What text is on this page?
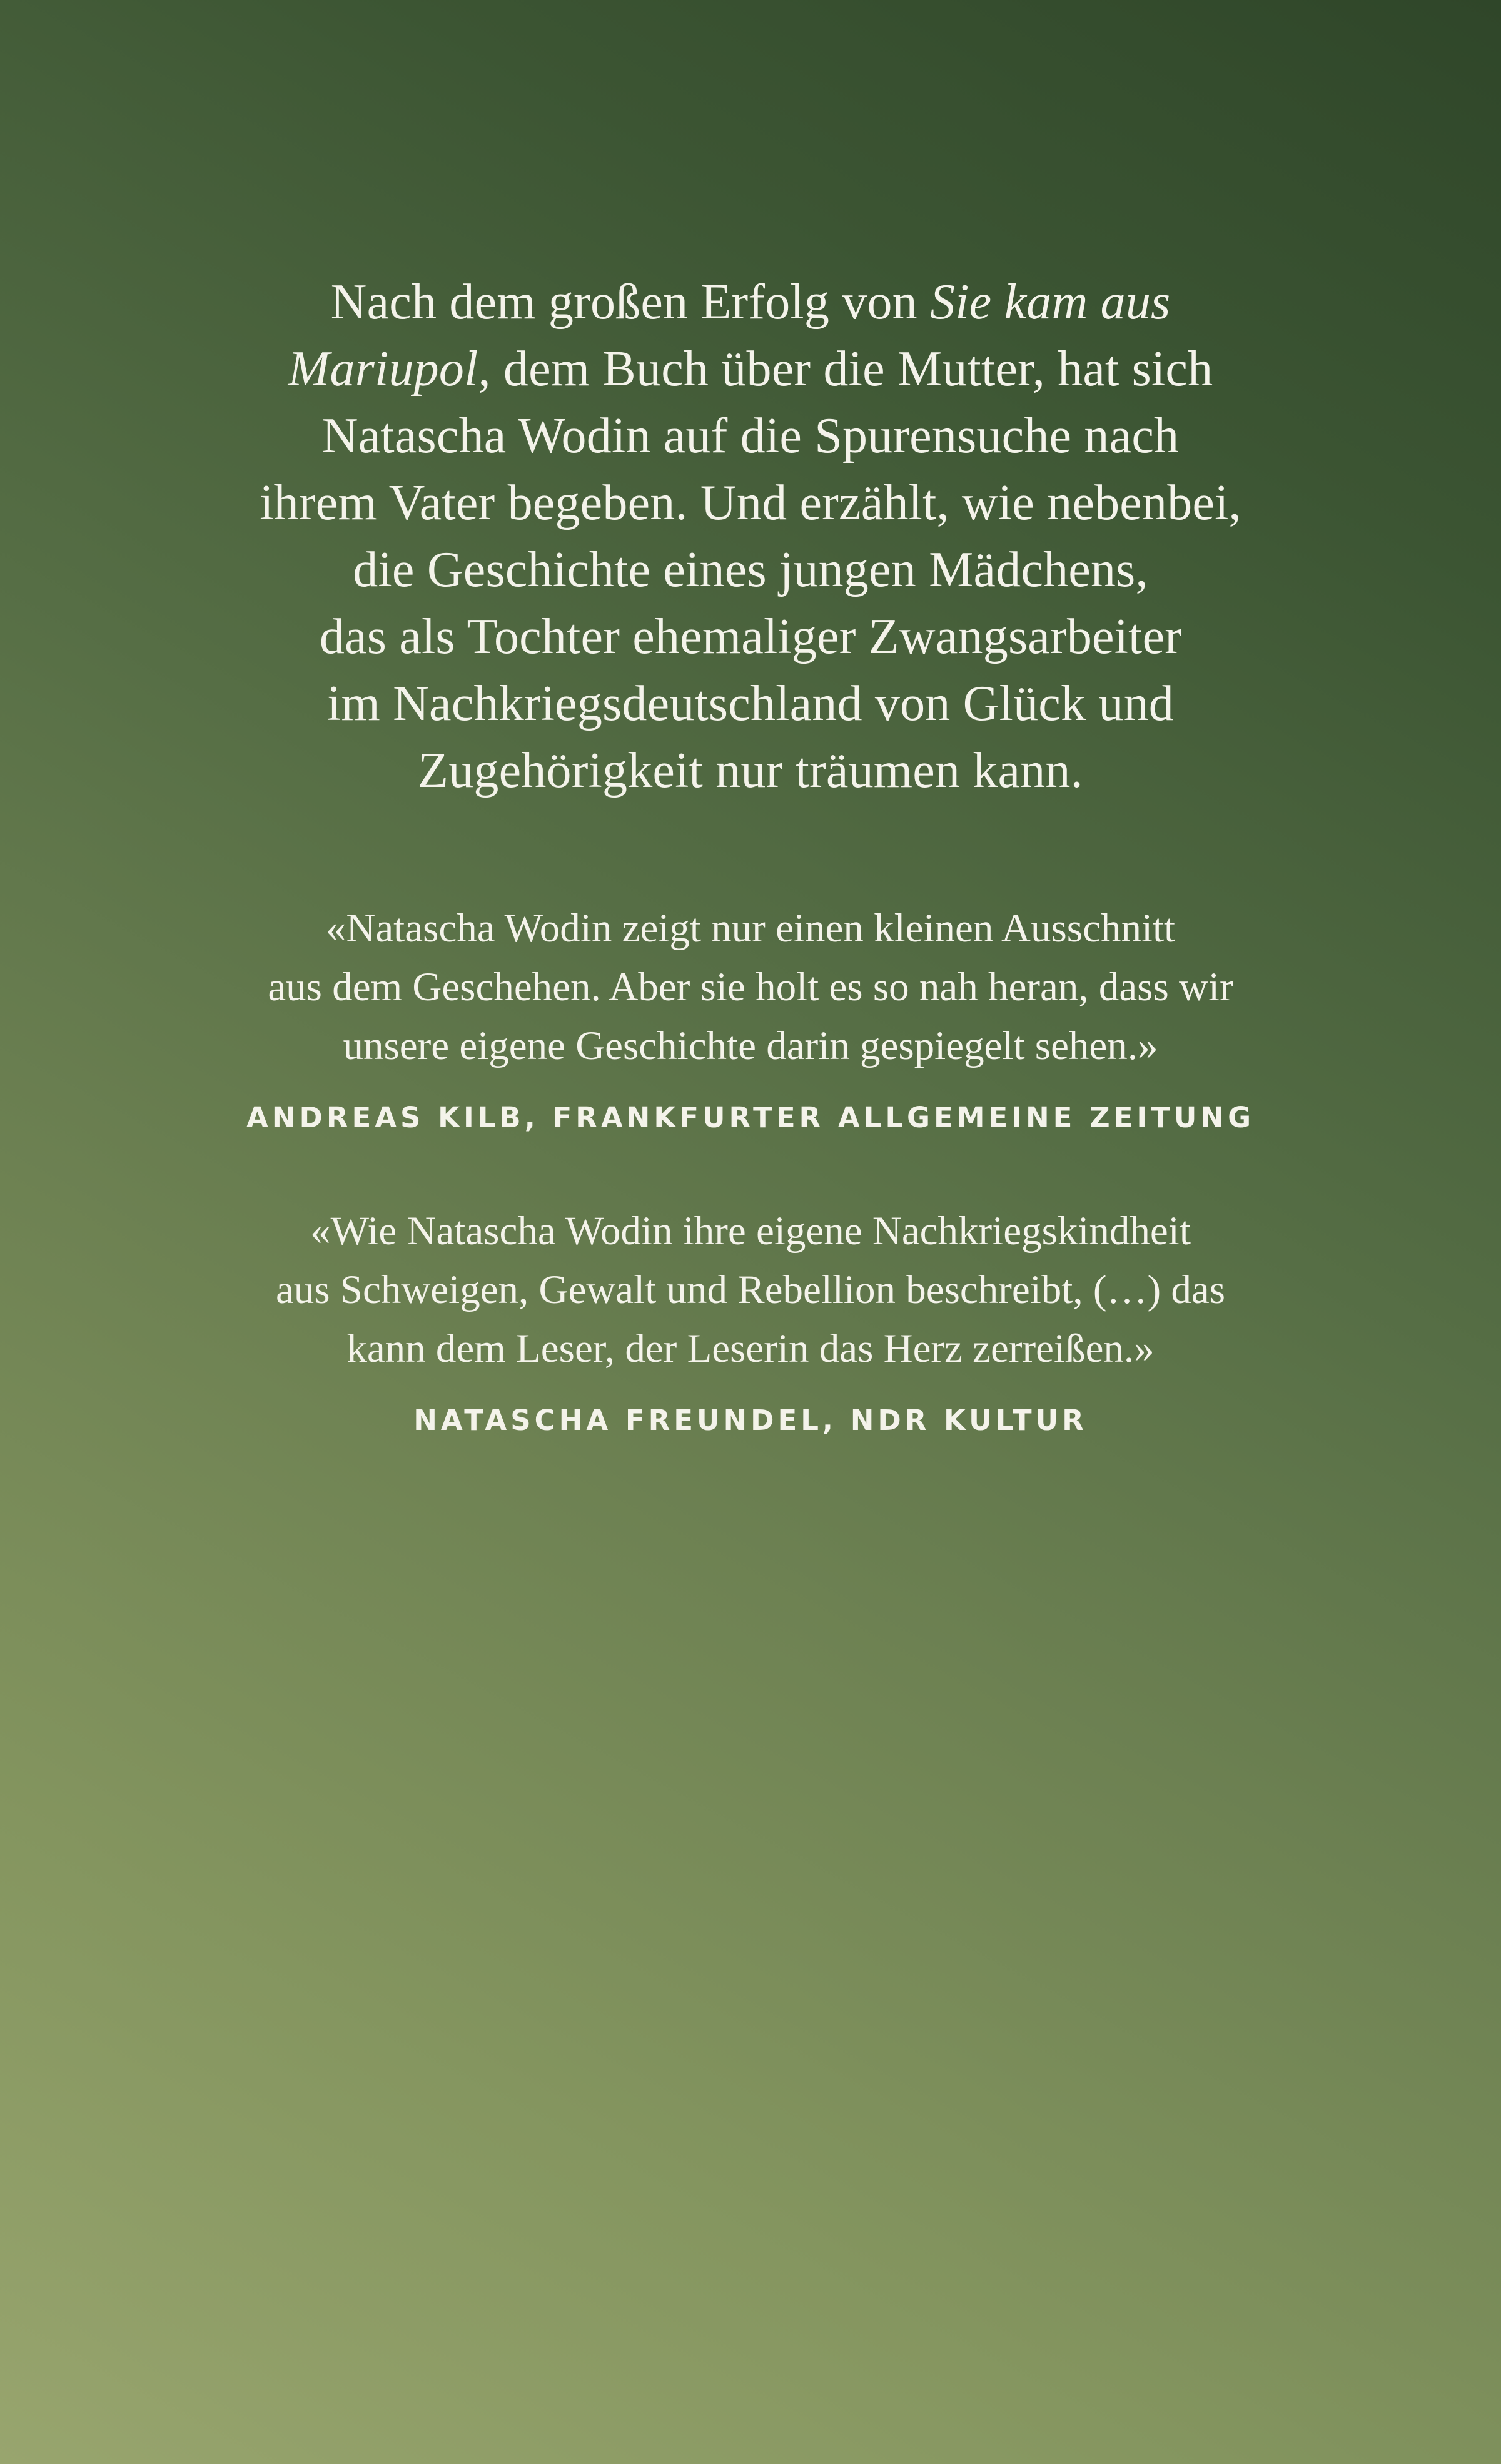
Nach dem großen Erfolg von Sie kam aus
Mariupol, dem Buch über die Mutter, hat sich
Natascha Wodin auf die Spurensuche nach
ihrem Vater begeben. Und erzählt, wie nebenbei,
die Geschichte eines jungen Mädchens,
das als Tochter ehemaliger Zwangsarbeiter
im Nachkriegsdeutschland von Glück und
Zugehörigkeit nur träumen kann.

«Natascha Wodin zeigt nur einen kleinen Ausschnitt
aus dem Geschehen. Aber sie holt es so nah heran, dass wir
unsere eigene Geschichte darin gespiegelt sehen.»
ANDREAS KILB, FRANKFURTER ALLGEMEINE ZEITUNG
«Wie Natascha Wodin ihre eigene Nachkriegskindheit
aus Schweigen, Gewalt und Rebellion beschreibt, (…) das
kann dem Leser, der Leserin das Herz zerreißen.»
NATASCHA FREUNDEL, NDR KULTUR
